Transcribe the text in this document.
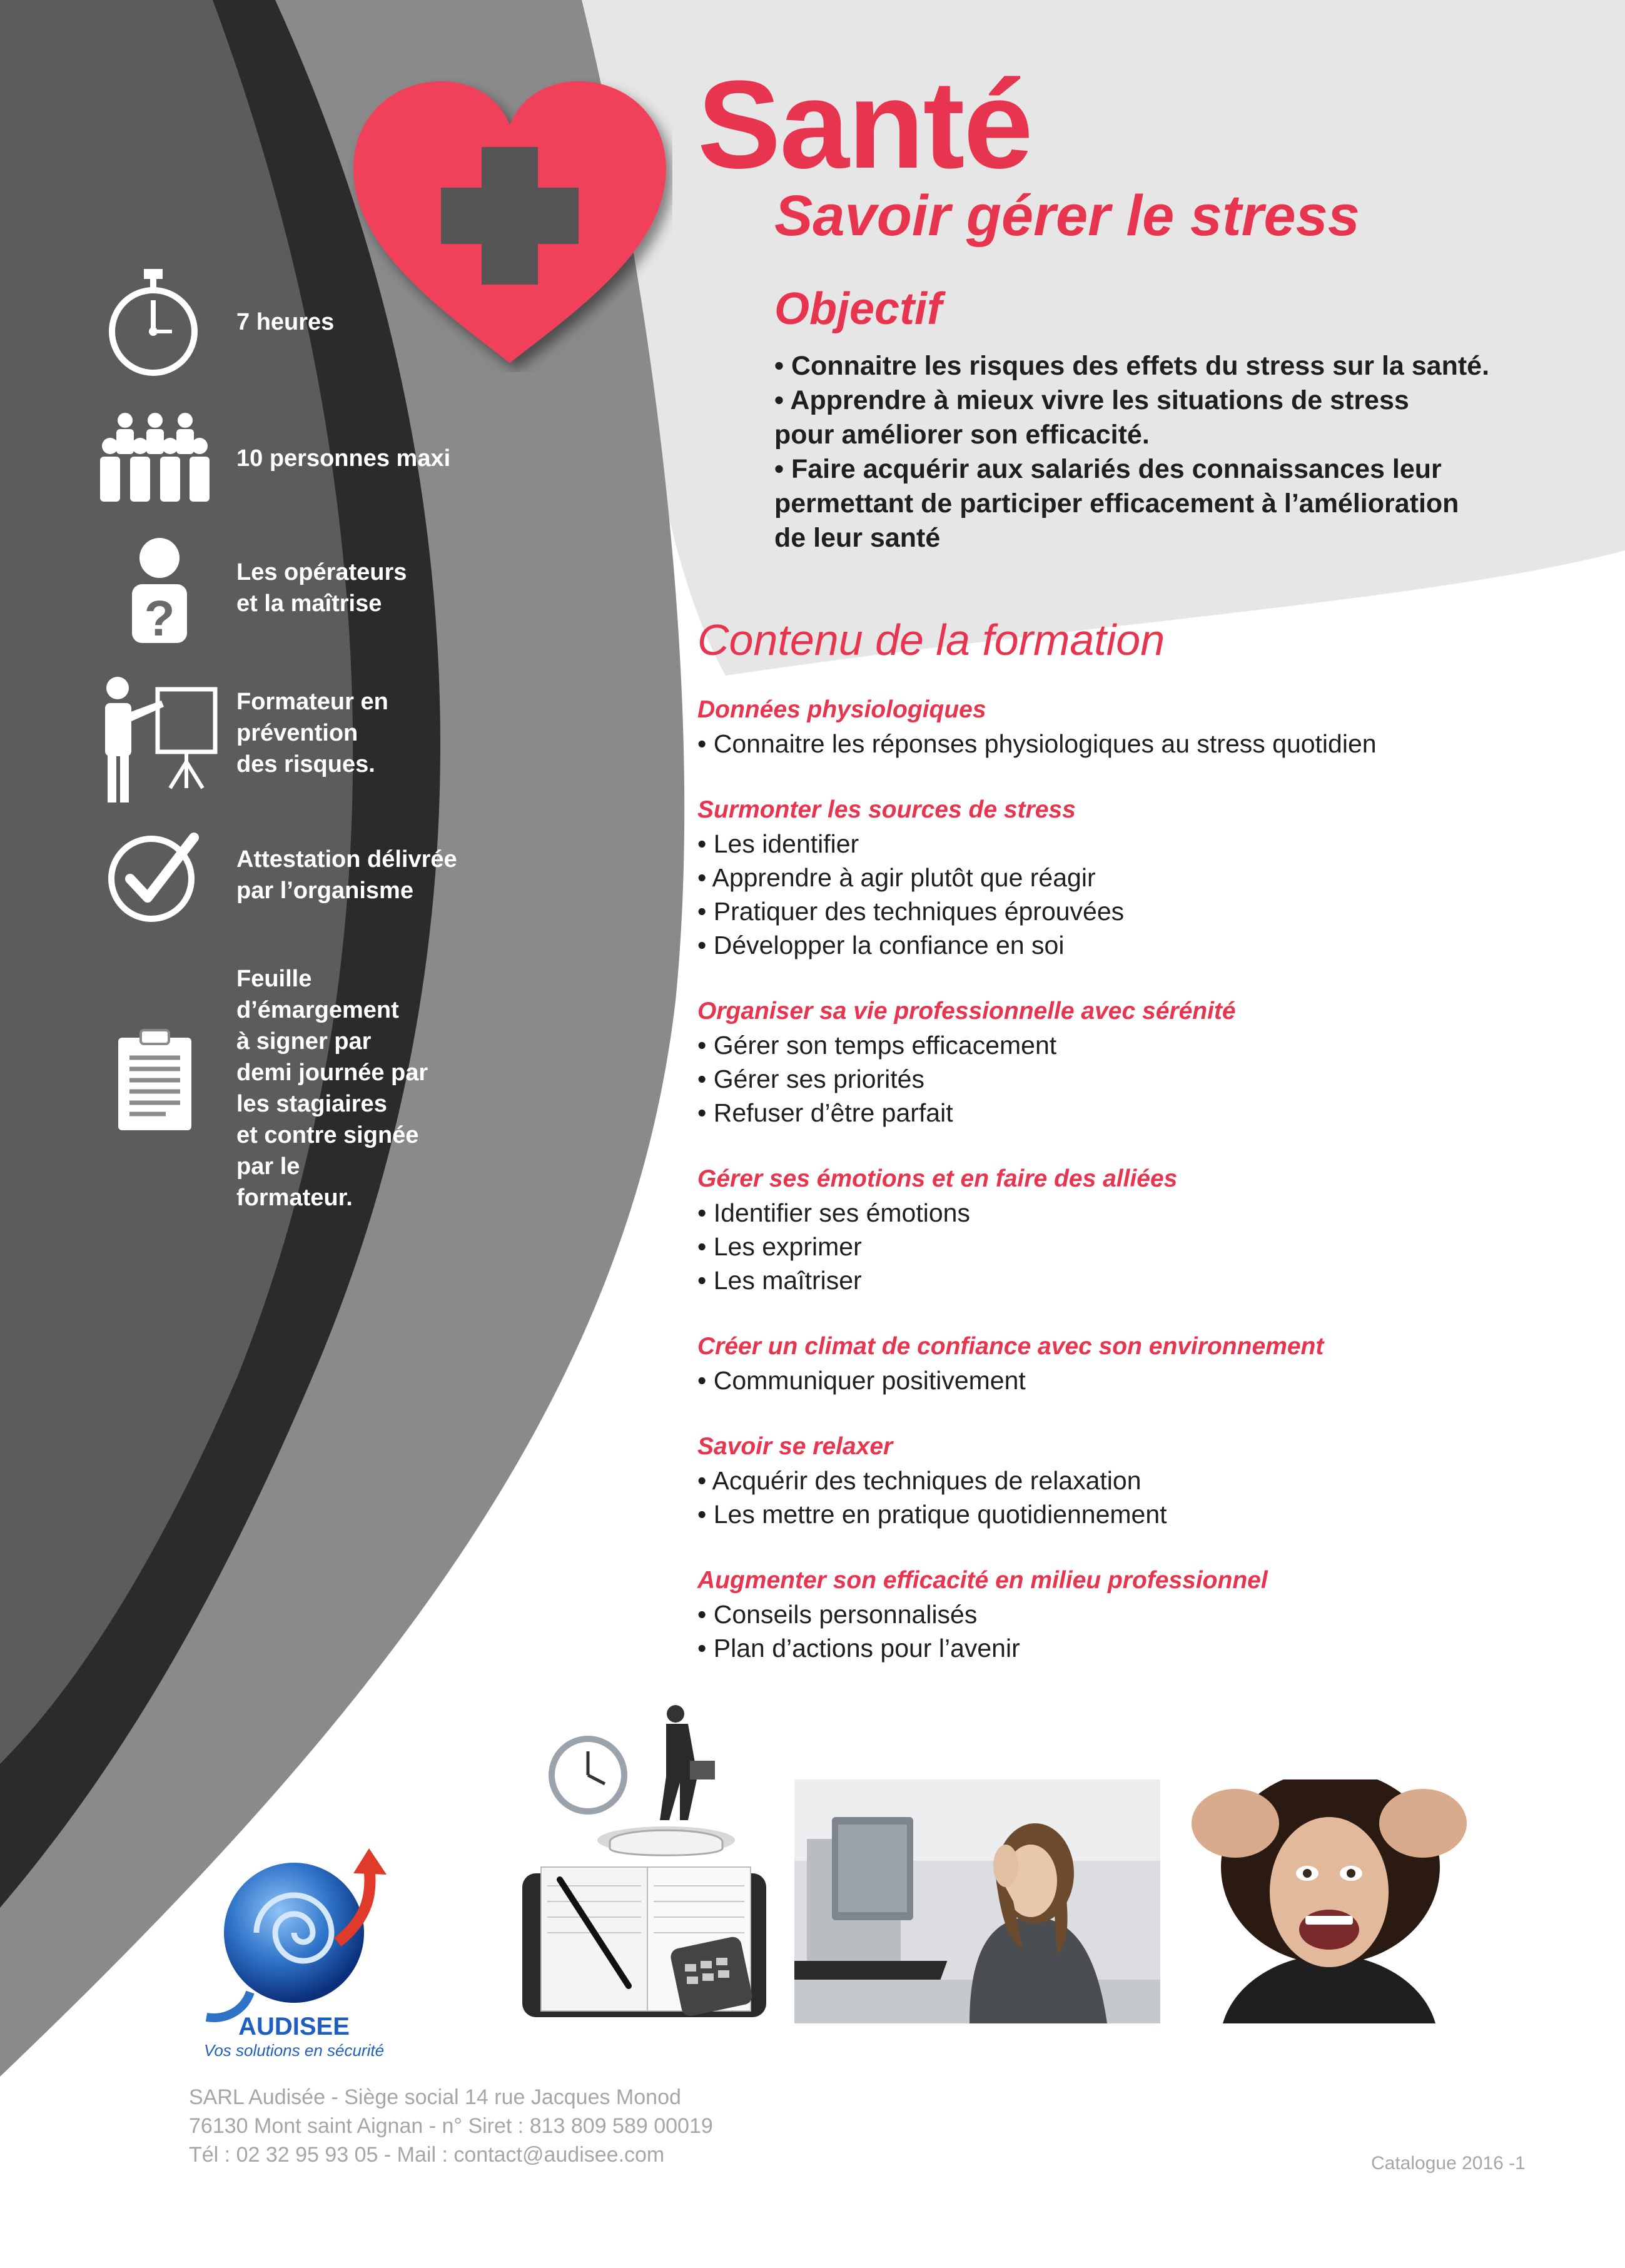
Santé
Savoir gérer le stress
Objectif
• Connaitre les risques des effets du stress sur la santé.
• Apprendre à mieux vivre les situations de stress
pour améliorer son efficacité.
• Faire acquérir aux salariés des connaissances leur
permettant de participer efficacement à l’amélioration
de leur santé
Contenu de la formation
Données physiologiques
• Connaitre les réponses physiologiques au stress quotidien
Surmonter les sources de stress
• Les identifier
• Apprendre à agir plutôt que réagir
• Pratiquer des techniques éprouvées
• Développer la confiance en soi
Organiser sa vie professionnelle avec sérénité
• Gérer son temps efficacement
• Gérer ses priorités
• Refuser d’être parfait
Gérer ses émotions et en faire des alliées
• Identifier ses émotions
• Les exprimer
• Les maîtriser
Créer un climat de confiance avec son environnement
• Communiquer positivement
Savoir se relaxer
• Acquérir des techniques de relaxation
• Les mettre en pratique quotidiennement
Augmenter son efficacité en milieu professionnel
• Conseils personnalisés
• Plan d’actions pour l’avenir
7 heures
10 personnes maxi
?
Les opérateurs
et la maîtrise
Formateur en
prévention
des risques.
Attestation délivrée
par l’organisme
Feuille
d’émargement
à signer par
demi journée par
les stagiaires
et contre signée
par le
formateur.
AUDISEE
Vos solutions en sécurité
SARL Audisée - Siège social 14 rue Jacques Monod
76130 Mont saint Aignan - n° Siret : 813 809 589 00019
Tél : 02 32 95 93 05 - Mail : contact@audisee.com	Catalogue 2016 -1
